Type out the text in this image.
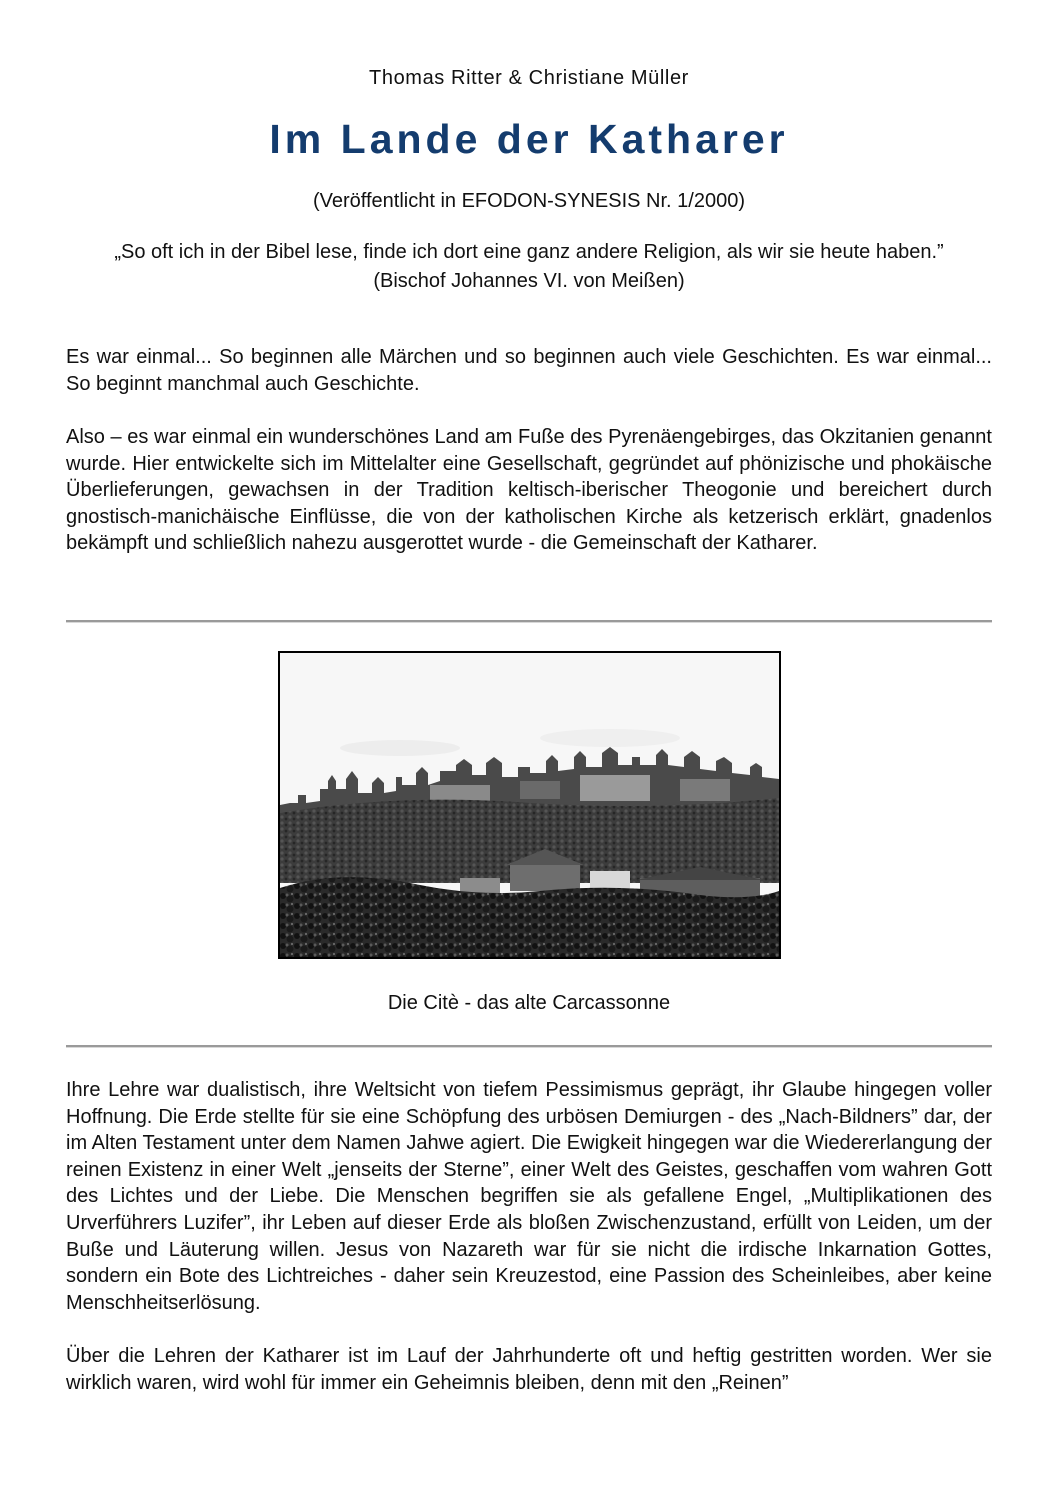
Thomas Ritter & Christiane Müller
Im Lande der Katharer
(Veröffentlicht in EFODON-SYNESIS Nr. 1/2000)
„So oft ich in der Bibel lese, finde ich dort eine ganz andere Religion, als wir sie heute haben.”
(Bischof Johannes VI. von Meißen)

Es war einmal... So beginnen alle Märchen und so beginnen auch viele Geschichten. Es war einmal... So beginnt manchmal auch Geschichte.

Also – es war einmal ein wunderschönes Land am Fuße des Pyrenäengebirges, das Okzitanien genannt wurde. Hier entwickelte sich im Mittelalter eine Gesellschaft, gegründet auf phönizische und phokäische Überlieferungen, gewachsen in der Tradition keltisch-iberischer Theogonie und bereichert durch gnostisch-manichäische Einflüsse, die von der katholischen Kirche als ketzerisch erklärt, gnadenlos bekämpft und schließlich nahezu ausgerottet wurde - die Gemeinschaft der Katharer.

Die Citè - das alte Carcassonne

Ihre Lehre war dualistisch, ihre Weltsicht von tiefem Pessimismus geprägt, ihr Glaube hingegen voller Hoffnung. Die Erde stellte für sie eine Schöpfung des urbösen Demiurgen - des „Nach-Bildners” dar, der im Alten Testament unter dem Namen Jahwe agiert. Die Ewigkeit hingegen war die Wiedererlangung der reinen Existenz in einer Welt „jenseits der Sterne”, einer Welt des Geistes, geschaffen vom wahren Gott des Lichtes und der Liebe. Die Menschen begriffen sie als gefallene Engel, „Multiplikationen des Urverführers Luzifer”, ihr Leben auf dieser Erde als bloßen Zwischenzustand, erfüllt von Leiden, um der Buße und Läuterung willen. Jesus von Nazareth war für sie nicht die irdische Inkarnation Gottes, sondern ein Bote des Lichtreiches - daher sein Kreuzestod, eine Passion des Scheinleibes, aber keine Menschheitserlösung.

Über die Lehren der Katharer ist im Lauf der Jahrhunderte oft und heftig gestritten worden. Wer sie wirklich waren, wird wohl für immer ein Geheimnis bleiben, denn mit den „Reinen”
